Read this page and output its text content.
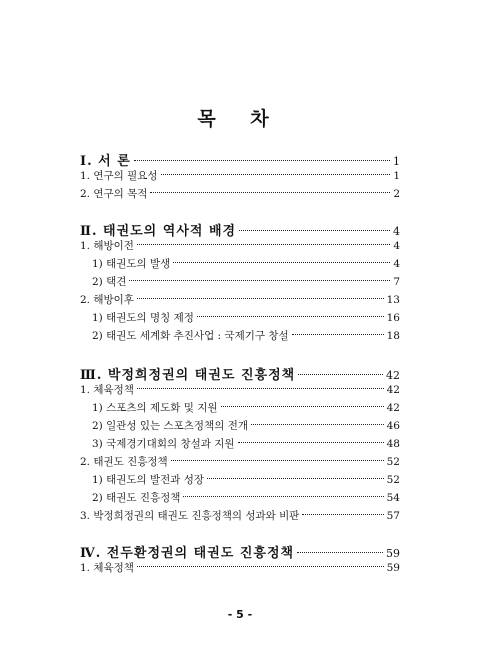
목 차
Ⅰ. 서 론	1
1. 연구의 필요성	1
2. 연구의 목적	2
Ⅱ. 태권도의 역사적 배경	4
1. 해방이전	4
1) 태권도의 발생	4
2) 택견	7
2. 해방이후	13
1) 태권도의 명칭 제정	16
2) 태권도 세계화 추진사업 : 국제기구 창설	18
Ⅲ. 박정희정권의 태권도 진흥정책	42
1. 체육정책	42
1) 스포츠의 제도화 및 지원	42
2) 일관성 있는 스포츠정책의 전개	46
3) 국제경기대회의 창설과 지원	48
2. 태권도 진흥정책	52
1) 태권도의 발전과 성장	52
2) 태권도 진흥정책	54
3. 박정희정권의 태권도 진흥정책의 성과와 비판	57
Ⅳ. 전두환정권의 태권도 진흥정책	59
1. 체육정책	59
- 5 -
